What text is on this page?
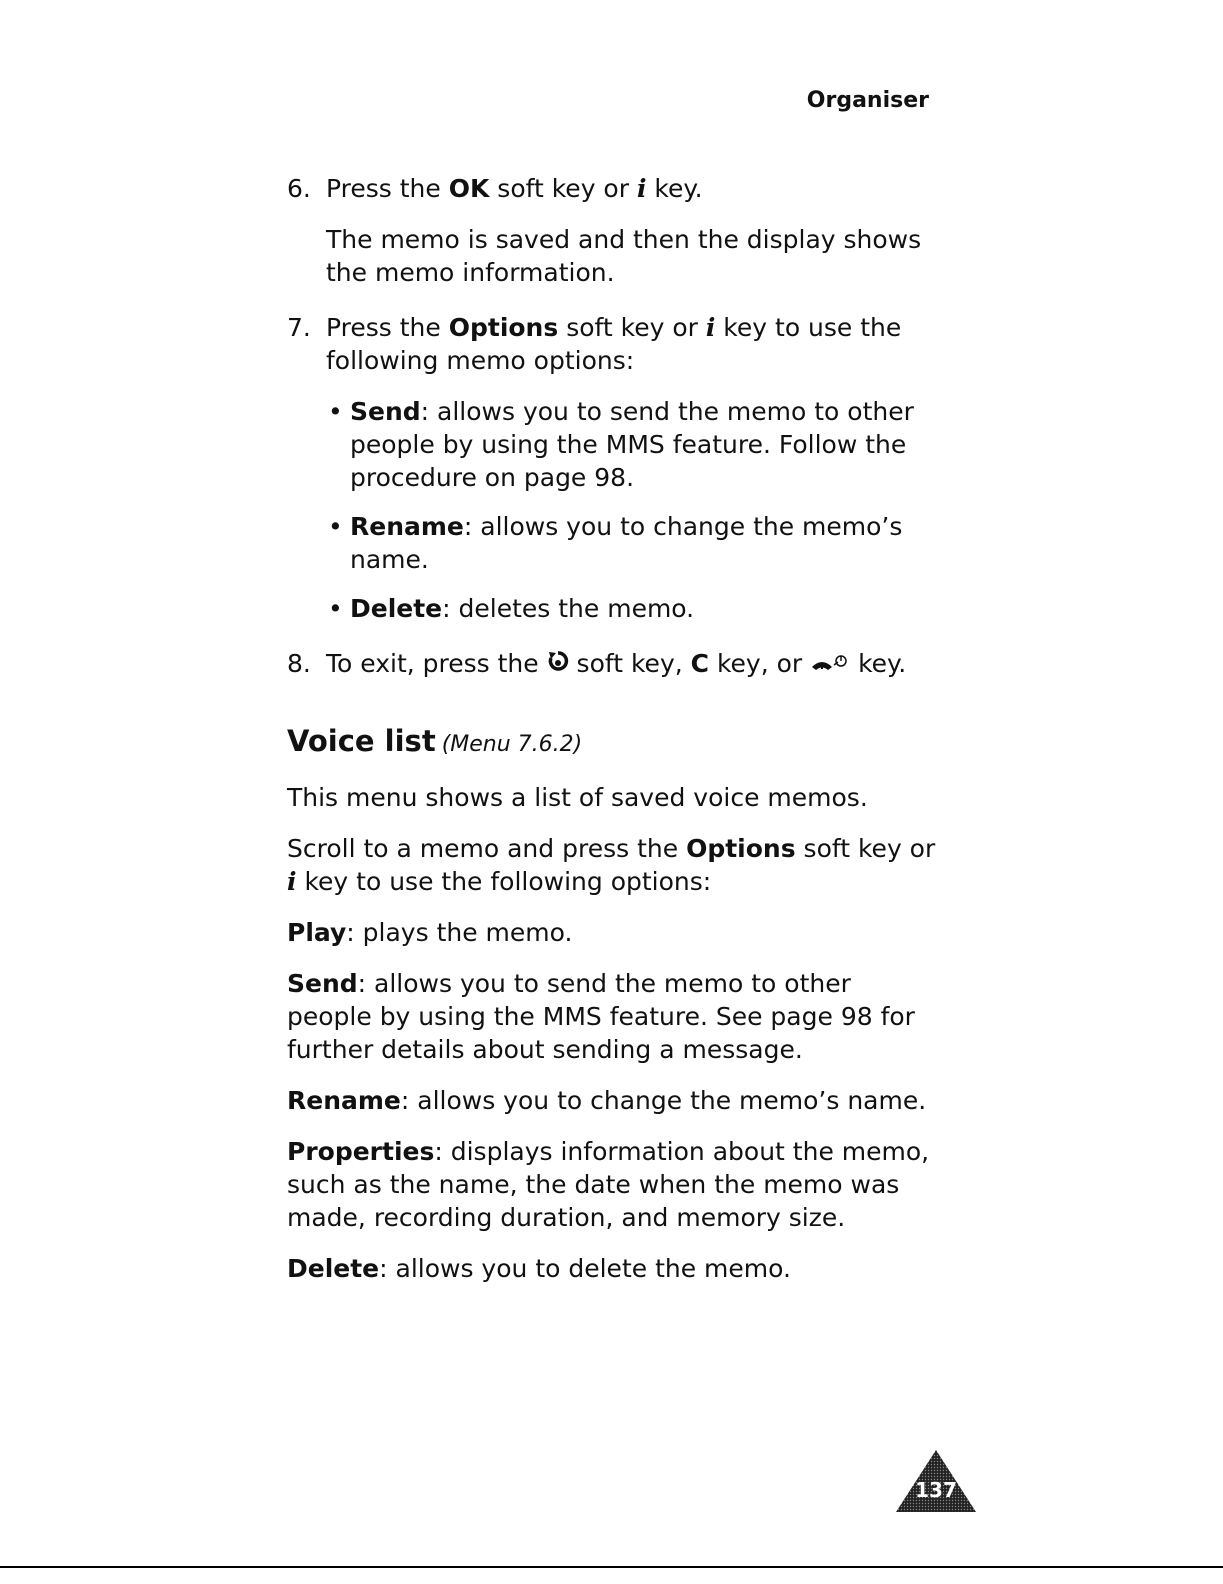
Organiser
6. Press the OK soft key or i key.

The memo is saved and then the display shows the memo information.

7. Press the Options soft key or i key to use the following memo options:

• Send: allows you to send the memo to other people by using the MMS feature. Follow the procedure on page 98.
• Rename: allows you to change the memo’s name.
• Delete: deletes the memo.
8. To exit, press the  soft key, C key, or  key.

Voice list (Menu 7.6.2)

This menu shows a list of saved voice memos.

Scroll to a memo and press the Options soft key or
i key to use the following options:

Play: plays the memo.

Send: allows you to send the memo to other people by using the MMS feature. See page 98 for further details about sending a message.

Rename: allows you to change the memo’s name.

Properties: displays information about the memo, such as the name, the date when the memo was made, recording duration, and memory size.

Delete: allows you to delete the memo.

137
